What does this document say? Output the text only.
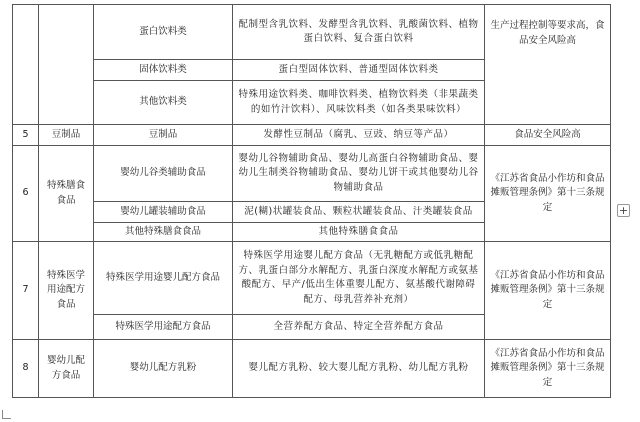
		蛋白饮料类	配制型含乳饮料、发酵型含乳饮料、乳酸菌饮料、植物蛋白饮料、复合蛋白饮料	生产过程控制等要求高，食品安全风险高
		固体饮料类	蛋白型固体饮料、普通型固体饮料类	
		其他饮料类	特殊用途饮料类、咖啡饮料类、植物饮料类（非果蔬类的如竹汁饮料）、风味饮料类（如各类果味饮料）	
5	豆制品	豆制品	发酵性豆制品（腐乳、豆豉、纳豆等产品）	食品安全风险高
6	特殊膳食食品	婴幼儿谷类辅助食品	婴幼儿谷物辅助食品、婴幼儿高蛋白谷物辅助食品、婴幼儿生制类谷物辅助食品、婴幼儿饼干或其他婴幼儿谷物辅助食品	《江苏省食品小作坊和食品摊贩管理条例》第十三条规定
		婴幼儿罐装辅助食品	泥(糊)状罐装食品、颗粒状罐装食品、汁类罐装食品	
		其他特殊膳食食品	其他特殊膳食食品	
7	特殊医学用途配方食品	特殊医学用途婴儿配方食品	特殊医学用途婴儿配方食品（无乳糖配方或低乳糖配方、乳蛋白部分水解配方、乳蛋白深度水解配方或氨基酸配方、早产/低出生体重婴儿配方、氨基酸代谢障碍配方、母乳营养补充剂）	《江苏省食品小作坊和食品摊贩管理条例》第十三条规定
		特殊医学用途配方食品	全营养配方食品、特定全营养配方食品	
8	婴幼儿配方食品	婴幼儿配方乳粉	婴儿配方乳粉、较大婴儿配方乳粉、幼儿配方乳粉	《江苏省食品小作坊和食品摊贩管理条例》第十三条规定
+
